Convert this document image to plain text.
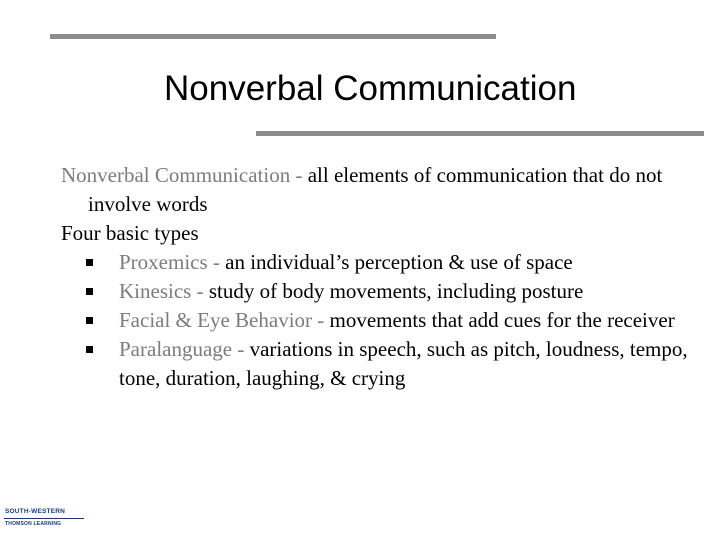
Nonverbal Communication

Nonverbal Communication - all elements of communication that do not involve words

Four basic types

Proxemics - an individual’s perception & use of space
Kinesics - study of body movements, including posture
Facial & Eye Behavior - movements that add cues for the receiver
Paralanguage - variations in speech, such as pitch, loudness, tempo, tone, duration, laughing, & crying
SOUTH-WESTERN
THOMSON LEARNING
